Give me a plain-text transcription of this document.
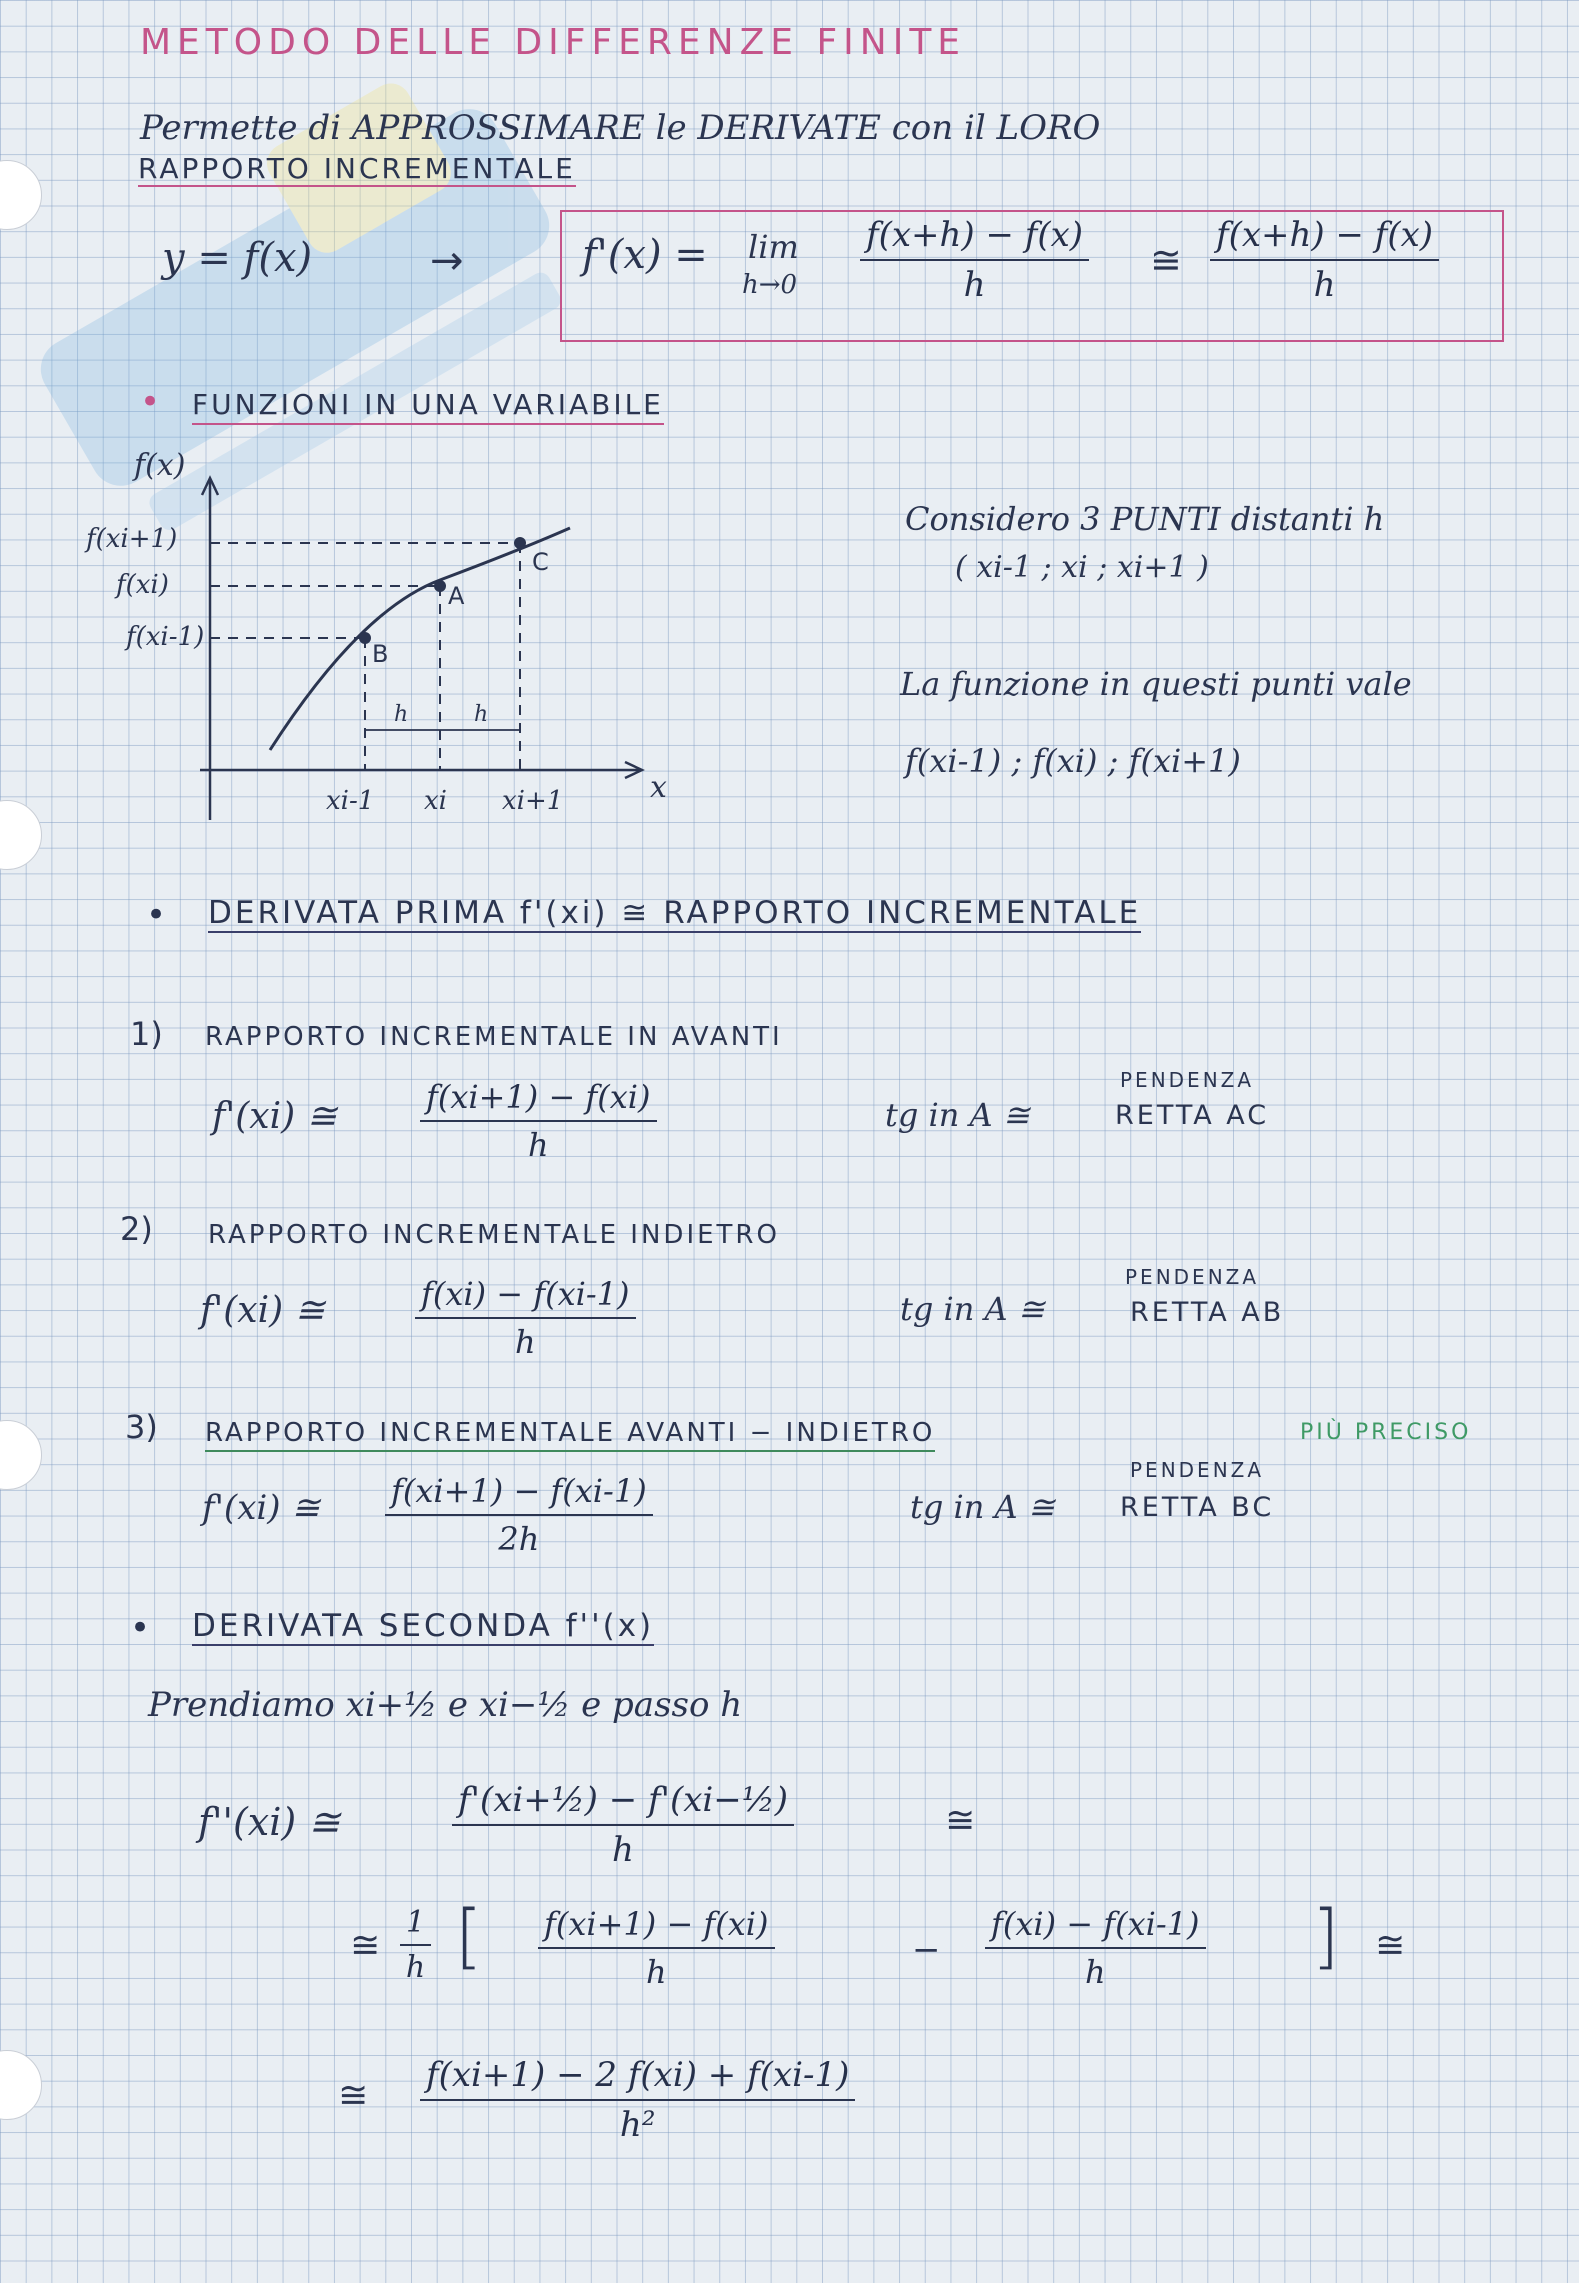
METODO DELLE DIFFERENZE FINITE
Permette di APPROSSIMARE le DERIVATE con il LORO
RAPPORTO INCREMENTALE
y = f(x)	→	f'(x) = lim
$h\to 0 \frac{f(x+h) - f(x)}{h}$ ≅ $\frac{f(x+h) - f(x)}{h}$
• FUNZIONI IN UNA VARIABILE
f(x)
x
f(xi+1)
f(xi)
f(xi-1)
xi-1 xi xi+1
B
A
C
h	h
Considero 3 PUNTI distanti h
( xi-1 ; xi ; xi+1 )
La funzione in questi punti vale
f(xi-1) ; f(xi) ; f(xi+1)
• DERIVATA PRIMA f'(xi) ≅ RAPPORTO INCREMENTALE
1) RAPPORTO INCREMENTALE IN AVANTI
f'(xi) ≅	$\frac{f(xi+1) - f(xi)}{h}$	tg in A ≅
PENDENZA
RETTA AC
2) RAPPORTO INCREMENTALE INDIETRO
f'(xi) ≅	$\frac{f(xi) - f(xi-1)}{h}$	tg in A ≅
PENDENZA
RETTA AB
3) RAPPORTO INCREMENTALE AVANTI − INDIETRO	PIÙ PRECISO
f'(xi) ≅ $\frac{f(xi+1) - f(xi-1)}{2h}$	tg in A ≅
PENDENZA
RETTA BC
• DERIVATA SECONDA f''(x)
Prendiamo xi+½ e xi−½ e passo h
f''(xi) ≅	$\frac{\text{f'(xi+½) − f'(xi−½)}}{h}$	≅
≅ $\frac{1}{h}$ [ $\frac{f(xi+1) - f(xi)}{h}$	− $\frac{f(xi) - f(xi-1)}{h}$ ] ≅
≅ $\frac{f(xi+1) - 2 f(xi) + f(xi-1)}{\text{h²}}$
